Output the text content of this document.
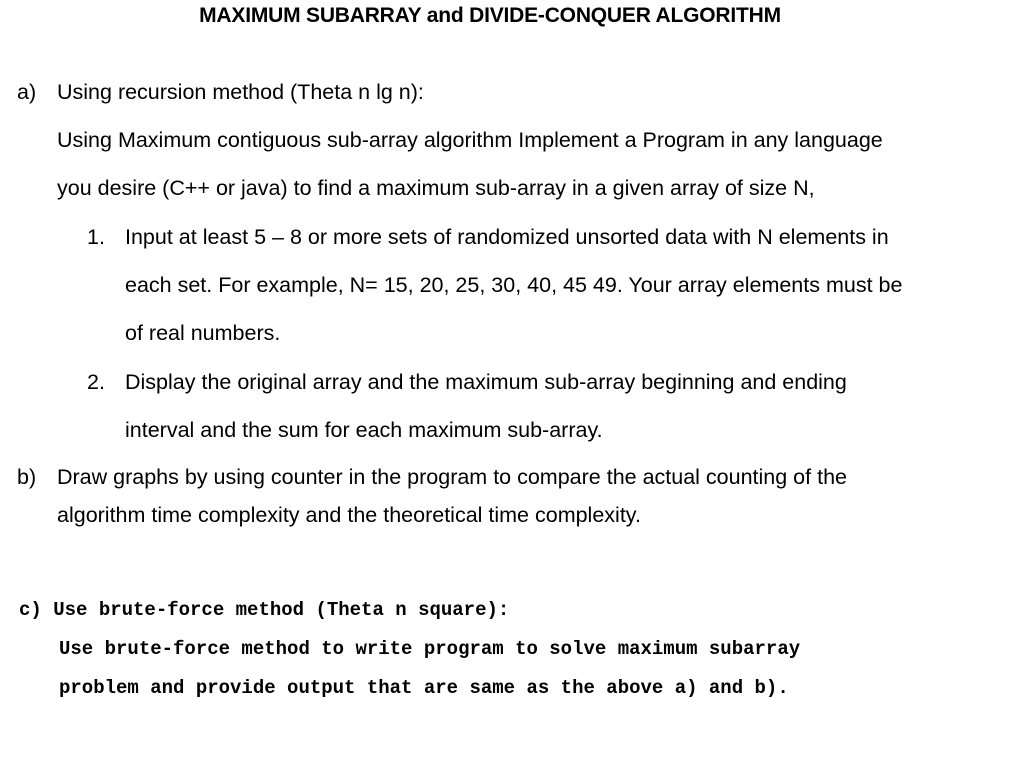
MAXIMUM SUBARRAY and DIVIDE-CONQUER ALGORITHM
a) Using recursion method (Theta n lg n):
Using Maximum contiguous sub-array algorithm Implement a Program in any language
you desire (C++ or java) to find a maximum sub-array in a given array of size N,
1. Input at least 5 – 8 or more sets of randomized unsorted data with N elements in
each set. For example, N= 15, 20, 25, 30, 40, 45 49. Your array elements must be
of real numbers.
2. Display the original array and the maximum sub-array beginning and ending
interval and the sum for each maximum sub-array.
b) Draw graphs by using counter in the program to compare the actual counting of the
algorithm time complexity and the theoretical time complexity.
c) Use brute-force method (Theta n square):
Use brute-force method to write program to solve maximum subarray
problem and provide output that are same as the above a) and b).
